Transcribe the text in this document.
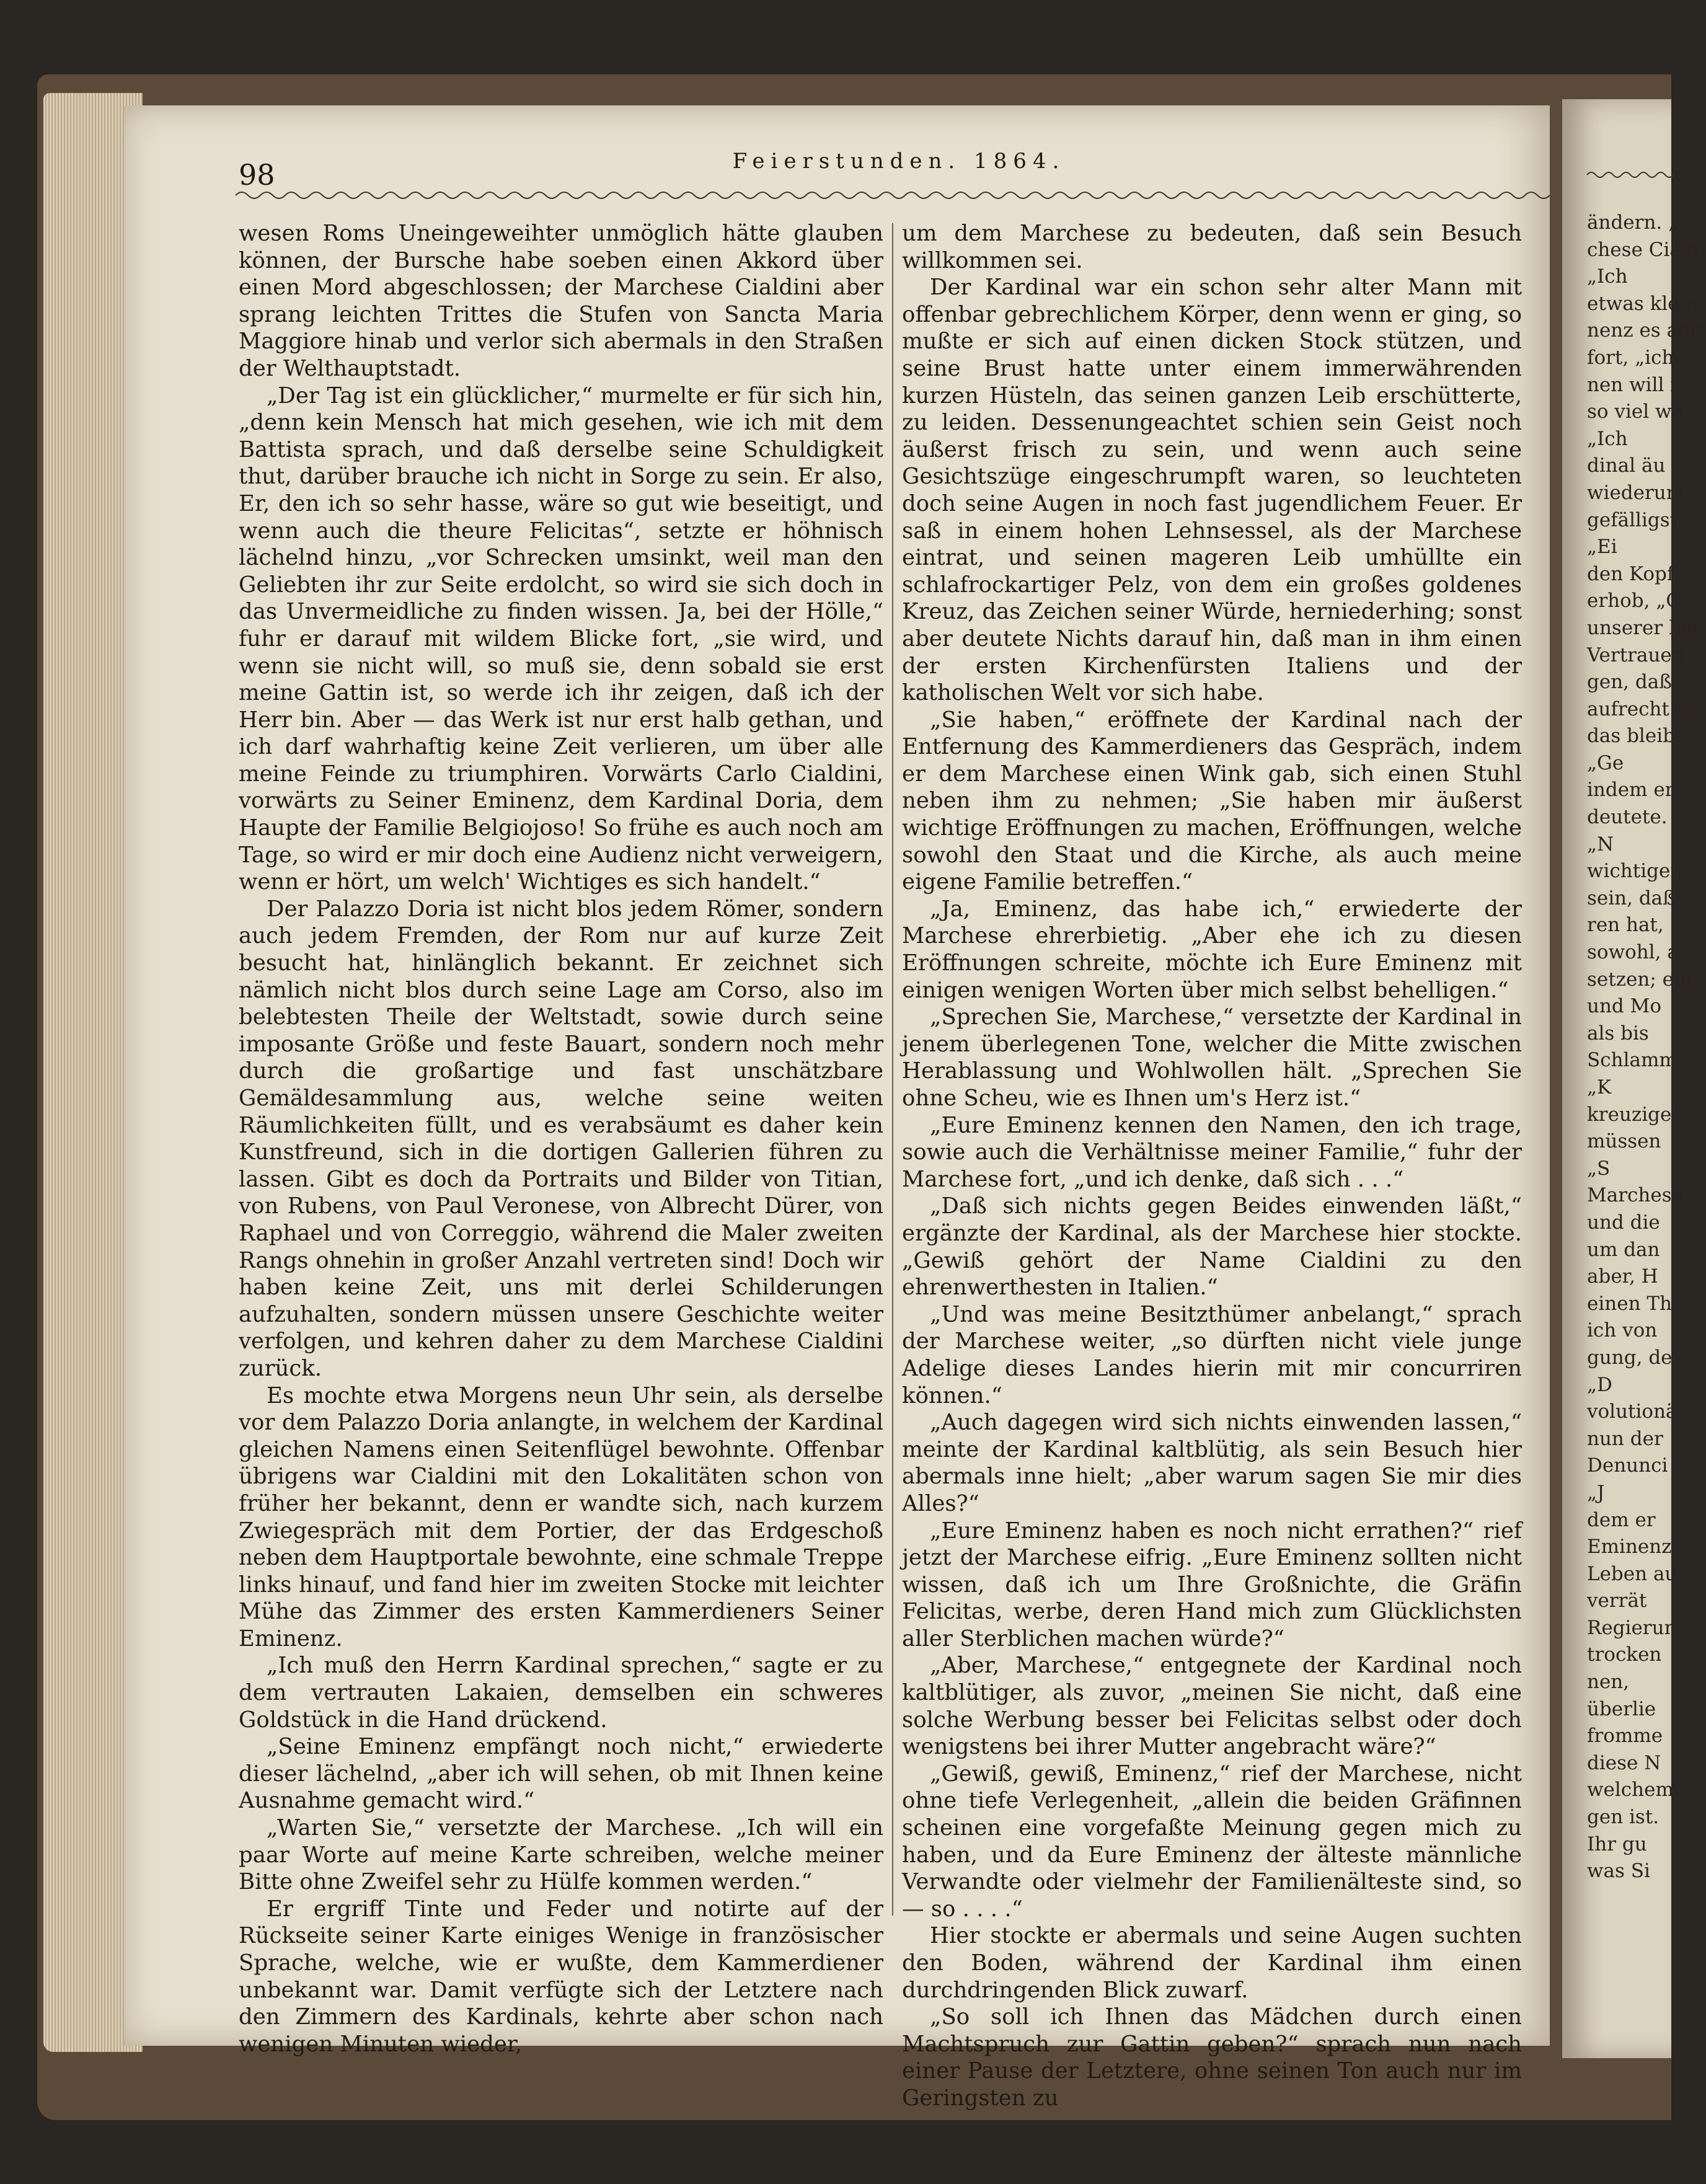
98	Feierstunden. 1864.

wesen Roms Uneingeweihter unmöglich hätte glauben können, der Bursche habe soeben einen Akkord über einen Mord abgeschlossen; der Marchese Cialdini aber sprang leichten Trittes die Stufen von Sancta Maria Maggiore hinab und verlor sich abermals in den Straßen der Welthauptstadt.

„Der Tag ist ein glücklicher,“ murmelte er für sich hin, „denn kein Mensch hat mich gesehen, wie ich mit dem Battista sprach, und daß derselbe seine Schuldigkeit thut, darüber brauche ich nicht in Sorge zu sein. Er also, Er, den ich so sehr hasse, wäre so gut wie beseitigt, und wenn auch die theure Felicitas“, setzte er höhnisch lächelnd hinzu, „vor Schrecken umsinkt, weil man den Geliebten ihr zur Seite erdolcht, so wird sie sich doch in das Unvermeidliche zu finden wissen. Ja, bei der Hölle,“ fuhr er darauf mit wildem Blicke fort, „sie wird, und wenn sie nicht will, so muß sie, denn sobald sie erst meine Gattin ist, so werde ich ihr zeigen, daß ich der Herr bin. Aber — das Werk ist nur erst halb gethan, und ich darf wahrhaftig keine Zeit verlieren, um über alle meine Feinde zu triumphiren. Vorwärts Carlo Cialdini, vorwärts zu Seiner Eminenz, dem Kardinal Doria, dem Haupte der Familie Belgiojoso! So frühe es auch noch am Tage, so wird er mir doch eine Audienz nicht verweigern, wenn er hört, um welch' Wichtiges es sich handelt.“

Der Palazzo Doria ist nicht blos jedem Römer, sondern auch jedem Fremden, der Rom nur auf kurze Zeit besucht hat, hinlänglich bekannt. Er zeichnet sich nämlich nicht blos durch seine Lage am Corso, also im belebtesten Theile der Weltstadt, sowie durch seine imposante Größe und feste Bauart, sondern noch mehr durch die großartige und fast unschätzbare Gemäldesammlung aus, welche seine weiten Räumlichkeiten füllt, und es verabsäumt es daher kein Kunstfreund, sich in die dortigen Gallerien führen zu lassen. Gibt es doch da Portraits und Bilder von Titian, von Rubens, von Paul Veronese, von Albrecht Dürer, von Raphael und von Correggio, während die Maler zweiten Rangs ohnehin in großer Anzahl vertreten sind! Doch wir haben keine Zeit, uns mit derlei Schilderungen aufzuhalten, sondern müssen unsere Geschichte weiter verfolgen, und kehren daher zu dem Marchese Cialdini zurück.

Es mochte etwa Morgens neun Uhr sein, als derselbe vor dem Palazzo Doria anlangte, in welchem der Kardinal gleichen Namens einen Seitenflügel bewohnte. Offenbar übrigens war Cialdini mit den Lokalitäten schon von früher her bekannt, denn er wandte sich, nach kurzem Zwiegespräch mit dem Portier, der das Erdgeschoß neben dem Hauptportale bewohnte, eine schmale Treppe links hinauf, und fand hier im zweiten Stocke mit leichter Mühe das Zimmer des ersten Kammerdieners Seiner Eminenz.

„Ich muß den Herrn Kardinal sprechen,“ sagte er zu dem vertrauten Lakaien, demselben ein schweres Goldstück in die Hand drückend.

„Seine Eminenz empfängt noch nicht,“ erwiederte dieser lächelnd, „aber ich will sehen, ob mit Ihnen keine Ausnahme gemacht wird.“

„Warten Sie,“ versetzte der Marchese. „Ich will ein paar Worte auf meine Karte schreiben, welche meiner Bitte ohne Zweifel sehr zu Hülfe kommen werden.“

Er ergriff Tinte und Feder und notirte auf der Rückseite seiner Karte einiges Wenige in französischer Sprache, welche, wie er wußte, dem Kammerdiener unbekannt war. Damit verfügte sich der Letztere nach den Zimmern des Kardinals, kehrte aber schon nach wenigen Minuten wieder,

um dem Marchese zu bedeuten, daß sein Besuch willkommen sei.

Der Kardinal war ein schon sehr alter Mann mit offenbar gebrechlichem Körper, denn wenn er ging, so mußte er sich auf einen dicken Stock stützen, und seine Brust hatte unter einem immerwährenden kurzen Hüsteln, das seinen ganzen Leib erschütterte, zu leiden. Dessenungeachtet schien sein Geist noch äußerst frisch zu sein, und wenn auch seine Gesichtszüge eingeschrumpft waren, so leuchteten doch seine Augen in noch fast jugendlichem Feuer. Er saß in einem hohen Lehnsessel, als der Marchese eintrat, und seinen mageren Leib umhüllte ein schlafrockartiger Pelz, von dem ein großes goldenes Kreuz, das Zeichen seiner Würde, herniederhing; sonst aber deutete Nichts darauf hin, daß man in ihm einen der ersten Kirchenfürsten Italiens und der katholischen Welt vor sich habe.

„Sie haben,“ eröffnete der Kardinal nach der Entfernung des Kammerdieners das Gespräch, indem er dem Marchese einen Wink gab, sich einen Stuhl neben ihm zu nehmen; „Sie haben mir äußerst wichtige Eröffnungen zu machen, Eröffnungen, welche sowohl den Staat und die Kirche, als auch meine eigene Familie betreffen.“

„Ja, Eminenz, das habe ich,“ erwiederte der Marchese ehrerbietig. „Aber ehe ich zu diesen Eröffnungen schreite, möchte ich Eure Eminenz mit einigen wenigen Worten über mich selbst behelligen.“

„Sprechen Sie, Marchese,“ versetzte der Kardinal in jenem überlegenen Tone, welcher die Mitte zwischen Herablassung und Wohlwollen hält. „Sprechen Sie ohne Scheu, wie es Ihnen um's Herz ist.“

„Eure Eminenz kennen den Namen, den ich trage, sowie auch die Verhältnisse meiner Familie,“ fuhr der Marchese fort, „und ich denke, daß sich . . .“

„Daß sich nichts gegen Beides einwenden läßt,“ ergänzte der Kardinal, als der Marchese hier stockte. „Gewiß gehört der Name Cialdini zu den ehrenwerthesten in Italien.“

„Und was meine Besitzthümer anbelangt,“ sprach der Marchese weiter, „so dürften nicht viele junge Adelige dieses Landes hierin mit mir concurriren können.“

„Auch dagegen wird sich nichts einwenden lassen,“ meinte der Kardinal kaltblütig, als sein Besuch hier abermals inne hielt; „aber warum sagen Sie mir dies Alles?“

„Eure Eminenz haben es noch nicht errathen?“ rief jetzt der Marchese eifrig. „Eure Eminenz sollten nicht wissen, daß ich um Ihre Großnichte, die Gräfin Felicitas, werbe, deren Hand mich zum Glücklichsten aller Sterblichen machen würde?“

„Aber, Marchese,“ entgegnete der Kardinal noch kaltblütiger, als zuvor, „meinen Sie nicht, daß eine solche Werbung besser bei Felicitas selbst oder doch wenigstens bei ihrer Mutter angebracht wäre?“

„Gewiß, gewiß, Eminenz,“ rief der Marchese, nicht ohne tiefe Verlegenheit, „allein die beiden Gräfinnen scheinen eine vorgefaßte Meinung gegen mich zu haben, und da Eure Eminenz der älteste männliche Verwandte oder vielmehr der Familienälteste sind, so — so . . . .“

Hier stockte er abermals und seine Augen suchten den Boden, während der Kardinal ihm einen durchdringenden Blick zuwarf.

„So soll ich Ihnen das Mädchen durch einen Machtspruch zur Gattin geben?“ sprach nun nach einer Pause der Letztere, ohne seinen Ton auch nur im Geringsten zu

ändern. „
chese Cialdi
„Ich
etwas klein
nenz es ang
fort, „ich
nen will i
so viel we
„Ich
dinal äu
wiederum
gefälligst
„Ei
den Kopf
erhob, „G
unserer hei
Vertrauen
gen, daß
aufrecht er
das bleibe
„Ge
indem er
deutete.
„N
wichtigen
sein, daß
ren hat,
sowohl, a
setzen; ein
und Mo
als bis
Schlamm
„K
kreuziger
müssen
„S
Marchese
und die
um dan
aber, H
einen Th
ich von
gung, de
„D
volutionä
nun der
Denunci
„J
dem er
Eminenz
Leben au
verrät
Regierun
trocken
nen,
überlie
fromme
diese N
welchem
gen ist.
Ihr gu
was Si
